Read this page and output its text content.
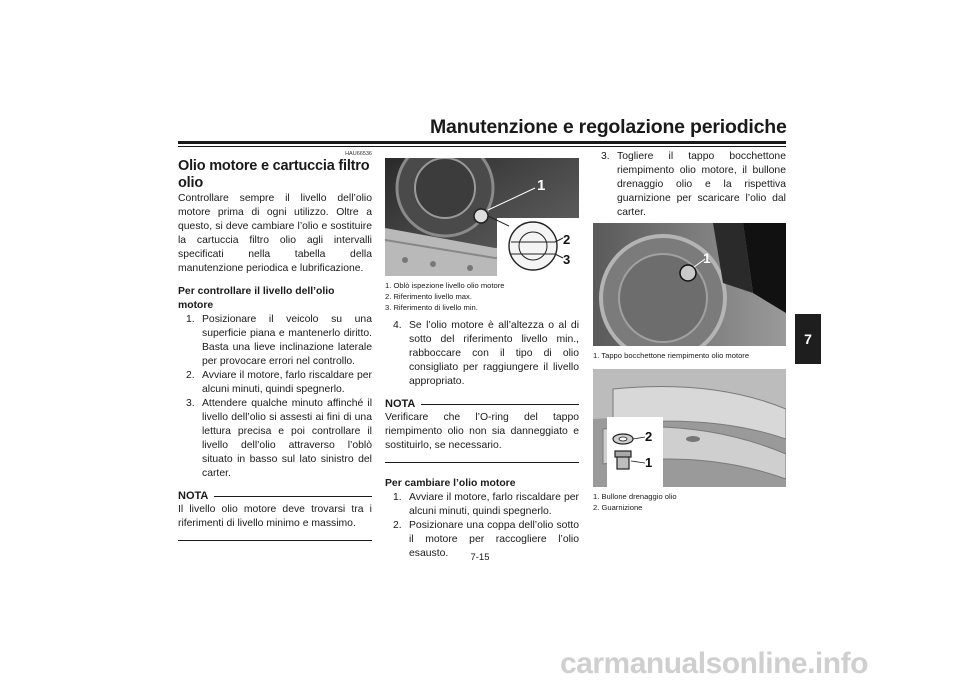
Manutenzione e regolazione periodiche
7
HAU66536
Olio motore e cartuccia filtro olio

Controllare sempre il livello dell’olio motore prima di ogni utilizzo. Oltre a questo, si deve cambiare l’olio e sostituire la cartuccia filtro olio agli intervalli specificati nella tabella della manutenzione periodica e lubrificazione.

Per controllare il livello dell’olio motore
1. Posizionare il veicolo su una superficie piana e mantenerlo diritto. Basta una lieve inclinazione laterale per provocare errori nel controllo.
2. Avviare il motore, farlo riscaldare per alcuni minuti, quindi spegnerlo.
3. Attendere qualche minuto affinché il livello dell’olio si assesti ai fini di una lettura precisa e poi controllare il livello dell’olio attraverso l’oblò situato in basso sul lato sinistro del carter.
NOTA

Il livello olio motore deve trovarsi tra i riferimenti di livello minimo e massimo.

1
2
3
1. Oblò ispezione livello olio motore
2. Riferimento livello max.
3. Riferimento di livello min.
4. Se l’olio motore è all’altezza o al di sotto del riferimento livello min., rabboccare con il tipo di olio consigliato per raggiungere il livello appropriato.
NOTA

Verificare che l’O-ring del tappo riempimento olio non sia danneggiato e sostituirlo, se necessario.

Per cambiare l’olio motore
1. Avviare il motore, farlo riscaldare per alcuni minuti, quindi spegnerlo.
2. Posizionare una coppa dell’olio sotto il motore per raccogliere l’olio esausto.
3. Togliere il tappo bocchettone riempimento olio motore, il bullone drenaggio olio e la rispettiva guarnizione per scaricare l’olio dal carter.
1
1. Tappo bocchettone riempimento olio motore
2
1
1. Bullone drenaggio olio
2. Guarnizione
7-15
carmanualsonline.info
